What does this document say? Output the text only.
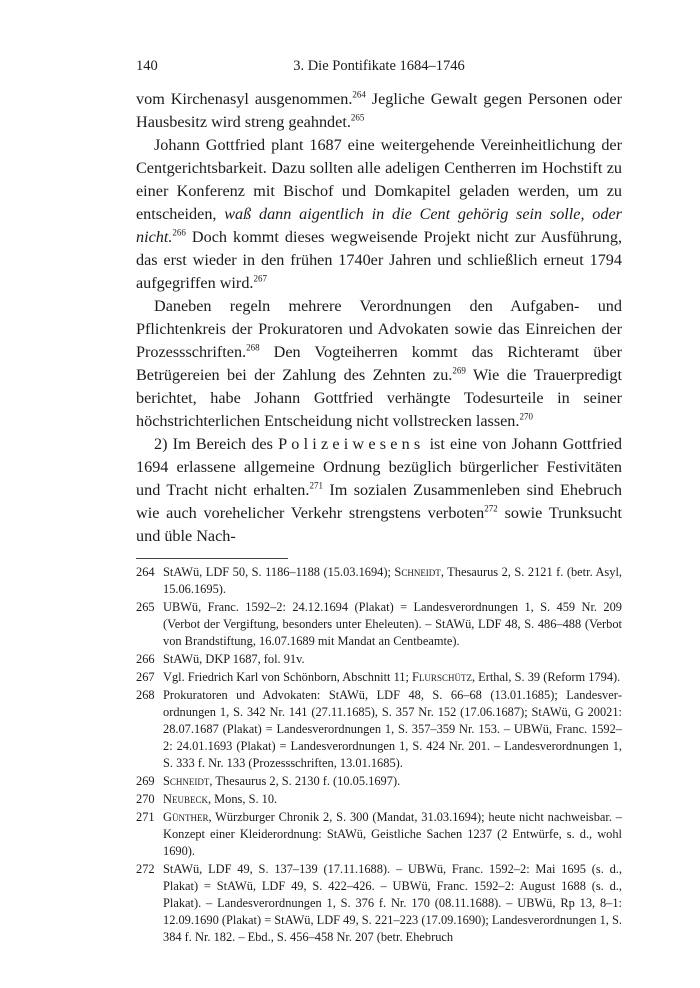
3. Die Pontifikate 1684–1746
140

vom Kirchenasyl ausgenommen.$^{264}$ Jegliche Gewalt gegen Personen oder Hausbesitz wird streng geahndet.$^{265}$

Johann Gottfried plant 1687 eine weitergehende Vereinheitlichung der Centgerichtsbarkeit. Dazu sollten alle adeligen Centherren im Hochstift zu einer Konferenz mit Bischof und Domkapitel geladen werden, um zu entscheiden, waß dann aigentlich in die Cent gehörig sein solle, oder nicht.$^{266}$ Doch kommt dieses wegweisende Projekt nicht zur Ausführung, das erst wieder in den frühen 1740er Jahren und schließlich erneut 1794 aufgegriffen wird.$^{267}$

Daneben regeln mehrere Verordnungen den Aufgaben- und Pflichtenkreis der Prokuratoren und Advokaten sowie das Einreichen der Prozessschriften.$^{268}$ Den Vogteiherren kommt das Richteramt über Betrügereien bei der Zahlung des Zehnten zu.$^{269}$ Wie die Trauerpredigt berichtet, habe Johann Gottfried verhängte Todesurteile in seiner höchstrichterlichen Entscheidung nicht vollstrecken lassen.$^{270}$

2) Im Bereich des Polizeiwesens ist eine von Johann Gottfried 1694 erlassene allgemeine Ordnung bezüglich bürgerlicher Festivitäten und Tracht nicht erhalten.$^{271}$ Im sozialen Zusammenleben sind Ehebruch wie auch vorehelicher Verkehr strengstens verboten$^{272}$ sowie Trunksucht und üble Nach-

264 StAWü, LDF 50, S. 1186–1188 (15.03.1694); Schneidt, Thesaurus 2, S. 2121 f. (betr. Asyl, 15.06.1695).
265 UBWü, Franc. 1592–2: 24.12.1694 (Plakat) = Landesverordnungen 1, S. 459 Nr. 209 (Verbot der Vergiftung, besonders unter Eheleuten). – StAWü, LDF 48, S. 486–488 (Verbot von Brandstiftung, 16.07.1689 mit Mandat an Centbeamte).
266 StAWü, DKP 1687, fol. 91v.
267 Vgl. Friedrich Karl von Schönborn, Abschnitt 11; Flurschütz, Erthal, S. 39 (Reform 1794).
268 Prokuratoren und Advokaten: StAWü, LDF 48, S. 66–68 (13.01.1685); Landesverordnungen 1, S. 342 Nr. 141 (27.11.1685), S. 357 Nr. 152 (17.06.1687); StAWü, G 20021: 28.07.1687 (Plakat) = Landesverordnungen 1, S. 357–359 Nr. 153. – UBWü, Franc. 1592–2: 24.01.1693 (Plakat) = Landesverordnungen 1, S. 424 Nr. 201. – Landesverordnungen 1, S. 333 f. Nr. 133 (Prozessschriften, 13.01.1685).
269 Schneidt, Thesaurus 2, S. 2130 f. (10.05.1697).
270 Neubeck, Mons, S. 10.
271 Günther, Würzburger Chronik 2, S. 300 (Mandat, 31.03.1694); heute nicht nachweisbar. – Konzept einer Kleiderordnung: StAWü, Geistliche Sachen 1237 (2 Entwürfe, s. d., wohl 1690).
272 StAWü, LDF 49, S. 137–139 (17.11.1688). – UBWü, Franc. 1592–2: Mai 1695 (s. d., Plakat) = StAWü, LDF 49, S. 422–426. – UBWü, Franc. 1592–2: August 1688 (s. d., Plakat). – Landesverordnungen 1, S. 376 f. Nr. 170 (08.11.1688). – UBWü, Rp 13, 8–1: 12.09.1690 (Plakat) = StAWü, LDF 49, S. 221–223 (17.09.1690); Landesverordnungen 1, S. 384 f. Nr. 182. – Ebd., S. 456–458 Nr. 207 (betr. Ehebruch
